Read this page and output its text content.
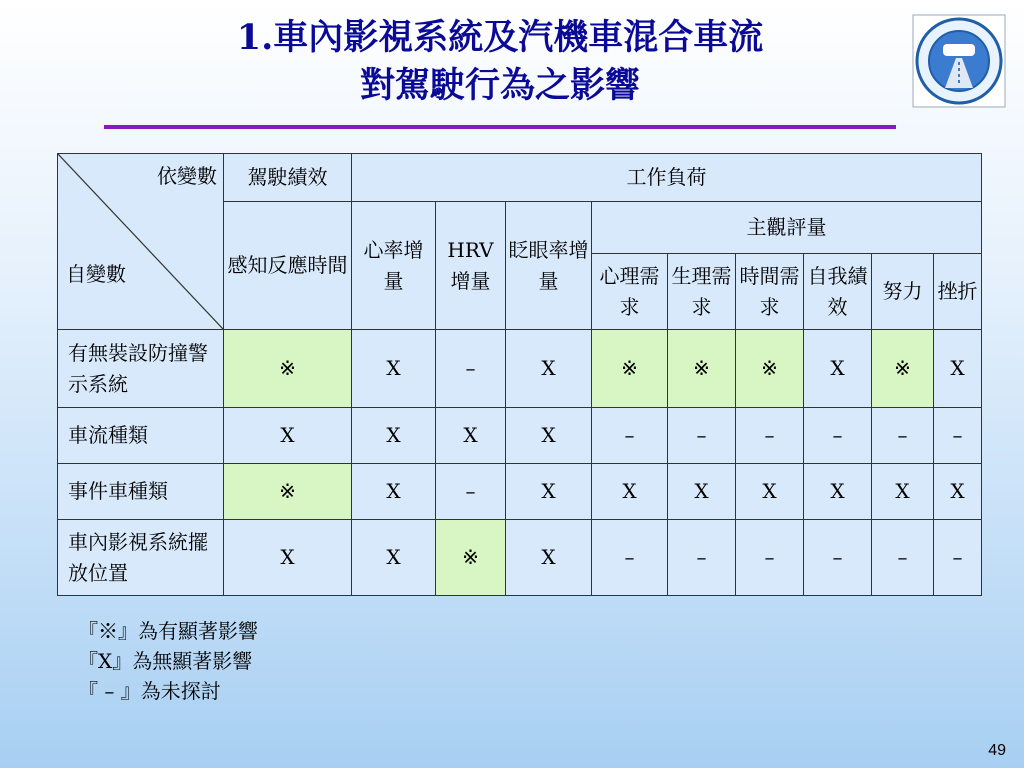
1.車內影視系統及汽機車混合車流
對駕駛行為之影響
依變數
自變數	駕駛績效	工作負荷								
	感知反應時間	心率增量	HRV增量	眨眼率增量	主觀評量					
					心理需求	生理需求	時間需求	自我績效	努力	挫折
有無裝設防撞警示系統	※	X	–	X	※	※	※	X	※	X
車流種類	X	X	X	X	–	–	–	–	–	–
事件車種類	※	X	–	X	X	X	X	X	X	X
車內影視系統擺放位置	X	X	※	X	–	–	–	–	–	–
『※』為有顯著影響
『X』為無顯著影響
『 – 』為未探討
49
